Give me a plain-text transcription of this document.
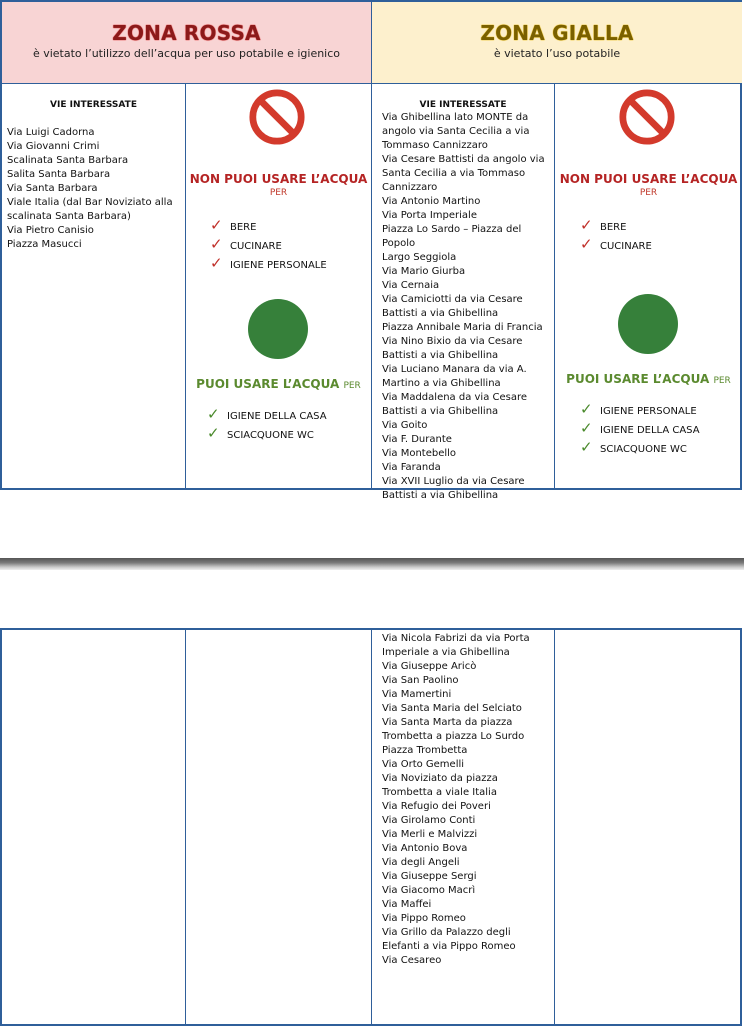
ZONA ROSSA
è vietato l’utilizzo dell’acqua per uso potabile e igienico
ZONA GIALLA
è vietato l’uso potabile
VIE INTERESSATE
Via Luigi Cadorna
Via Giovanni Crimi
Scalinata Santa Barbara
Salita Santa Barbara
Via Santa Barbara
Viale Italia (dal Bar Noviziato alla scalinata Santa Barbara)
Via Pietro Canisio
Piazza Masucci
NON PUOI USARE L’ACQUA
PER
✓ BERE
✓ CUCINARE
✓ IGIENE PERSONALE
PUOI USARE L’ACQUA PER
✓ IGIENE DELLA CASA
✓ SCIACQUONE WC
VIE INTERESSATE
Via Ghibellina lato MONTE da angolo via Santa Cecilia a via Tommaso Cannizzaro
Via Cesare Battisti da angolo via Santa Cecilia a via Tommaso Cannizzaro
Via Antonio Martino
Via Porta Imperiale
Piazza Lo Sardo – Piazza del Popolo
Largo Seggiola
Via Mario Giurba
Via Cernaia
Via Camiciotti da via Cesare Battisti a via Ghibellina
Piazza Annibale Maria di Francia
Via Nino Bixio da via Cesare Battisti a via Ghibellina
Via Luciano Manara da via A. Martino a via Ghibellina
Via Maddalena da via Cesare Battisti a via Ghibellina
Via Goito
Via F. Durante
Via Montebello
Via Faranda
Via XVII Luglio da via Cesare Battisti a via Ghibellina
NON PUOI USARE L’ACQUA
PER
✓ BERE
✓ CUCINARE
PUOI USARE L’ACQUA PER
✓ IGIENE PERSONALE
✓ IGIENE DELLA CASA
✓ SCIACQUONE WC
Via Nicola Fabrizi da via Porta Imperiale a via Ghibellina
Via Giuseppe Aricò
Via San Paolino
Via Mamertini
Via Santa Maria del Selciato
Via Santa Marta da piazza Trombetta a piazza Lo Surdo
Piazza Trombetta
Via Orto Gemelli
Via Noviziato da piazza Trombetta a viale Italia
Via Refugio dei Poveri
Via Girolamo Conti
Via Merli e Malvizzi
Via Antonio Bova
Via degli Angeli
Via Giuseppe Sergi
Via Giacomo Macrì
Via Maffei
Via Pippo Romeo
Via Grillo da Palazzo degli Elefanti a via Pippo Romeo
Via Cesareo
